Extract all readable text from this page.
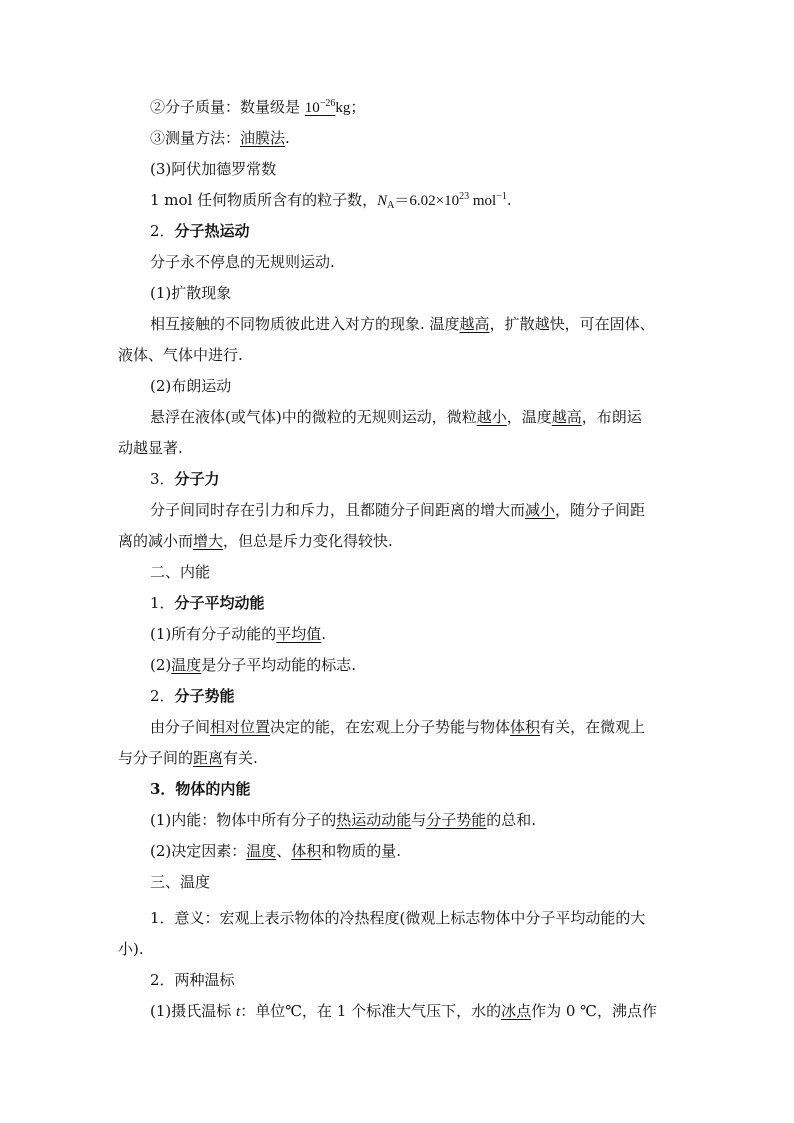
②分子质量：数量级是 $10^{-26}kg$；
③测量方法：油膜法.
(3)阿伏加德罗常数
1 mol 任何物质所含有的粒子数，$N_A=6.02\times 10^{23}$ mol$^{-1}$.
2．分子热运动
分子永不停息的无规则运动.
(1)扩散现象
相互接触的不同物质彼此进入对方的现象. 温度越高，扩散越快，可在固体、
液体、气体中进行.
(2)布朗运动
悬浮在液体(或气体)中的微粒的无规则运动，微粒越小，温度越高，布朗运
动越显著.
3．分子力
分子间同时存在引力和斥力，且都随分子间距离的增大而减小，随分子间距
离的减小而增大，但总是斥力变化得较快.
二、内能
1．分子平均动能
(1)所有分子动能的平均值.
(2)温度是分子平均动能的标志.
2．分子势能
由分子间相对位置决定的能，在宏观上分子势能与物体体积有关，在微观上
与分子间的距离有关.
3．物体的内能
(1)内能：物体中所有分子的热运动动能与分子势能的总和.
(2)决定因素：温度、体积和物质的量.
三、温度
1．意义：宏观上表示物体的冷热程度(微观上标志物体中分子平均动能的大
小).
2．两种温标
(1)摄氏温标 t：单位℃，在 1 个标准大气压下，水的冰点作为 0 ℃，沸点作
